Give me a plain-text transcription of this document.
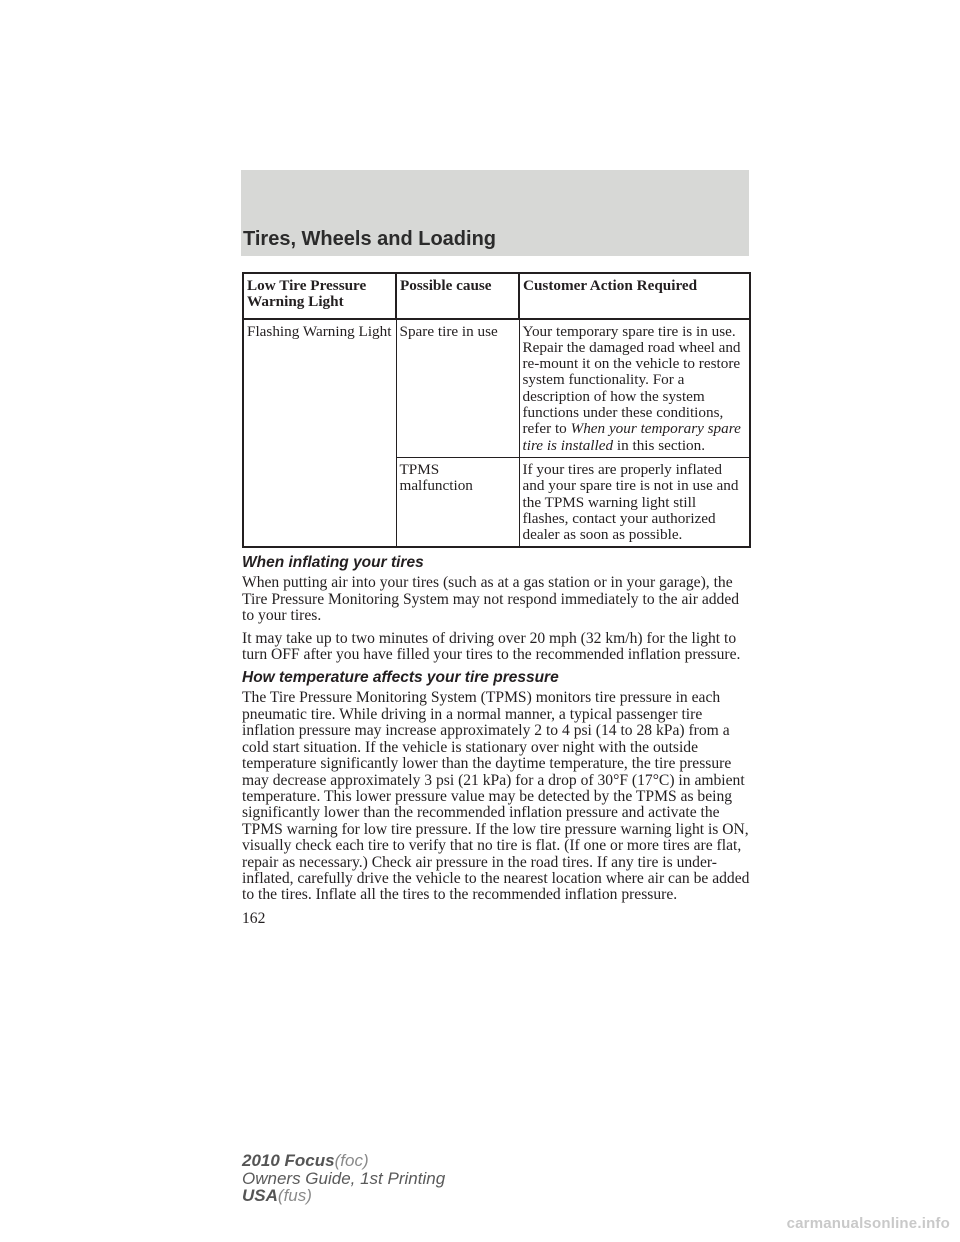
Tires, Wheels and Loading
Low Tire Pressure Warning Light	Possible cause	Customer Action Required
Flashing Warning Light	Spare tire in use	Your temporary spare tire is in use. Repair the damaged road wheel and re-mount it on the vehicle to restore system functionality. For a description of how the system functions under these conditions, refer to When your temporary spare tire is installed in this section.
	TPMS malfunction	If your tires are properly inflated and your spare tire is not in use and the TPMS warning light still flashes, contact your authorized dealer as soon as possible.
When inflating your tires

When putting air into your tires (such as at a gas station or in your garage), the Tire Pressure Monitoring System may not respond immediately to the air added to your tires.

It may take up to two minutes of driving over 20 mph (32 km/h) for the light to turn OFF after you have filled your tires to the recommended inflation pressure.

How temperature affects your tire pressure

The Tire Pressure Monitoring System (TPMS) monitors tire pressure in each pneumatic tire. While driving in a normal manner, a typical passenger tire inflation pressure may increase approximately 2 to 4 psi (14 to 28 kPa) from a cold start situation. If the vehicle is stationary over night with the outside temperature significantly lower than the daytime temperature, the tire pressure may decrease approximately 3 psi (21 kPa) for a drop of 30°F (17°C) in ambient temperature. This lower pressure value may be detected by the TPMS as being significantly lower than the recommended inflation pressure and activate the TPMS warning for low tire pressure. If the low tire pressure warning light is ON, visually check each tire to verify that no tire is flat. (If one or more tires are flat, repair as necessary.) Check air pressure in the road tires. If any tire is under-inflated, carefully drive the vehicle to the nearest location where air can be added to the tires. Inflate all the tires to the recommended inflation pressure.

162
2010 Focus(foc)
Owners Guide, 1st Printing
USA(fus)
carmanualsonline.info
